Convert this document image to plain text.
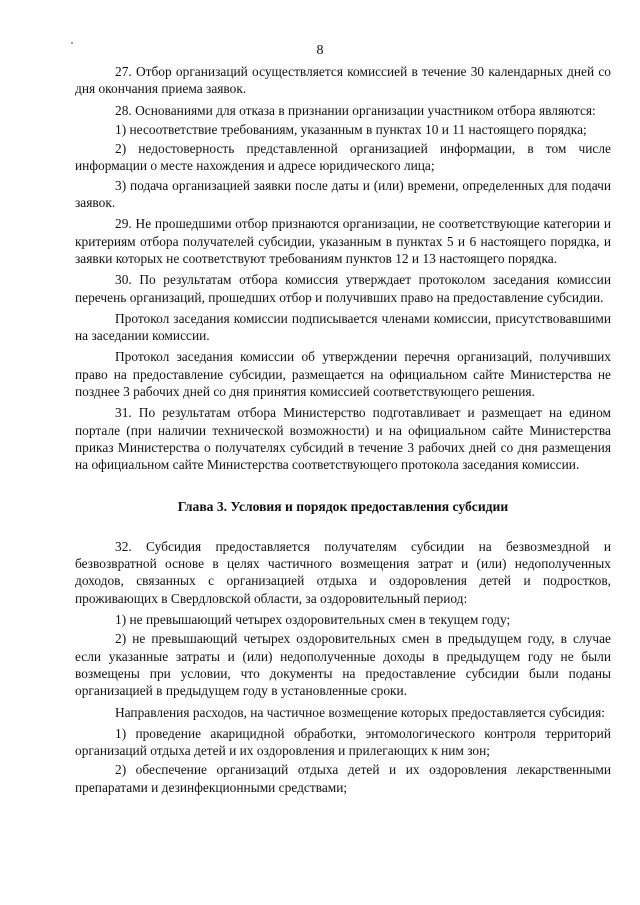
8

27. Отбор организаций осуществляется комиссией в течение 30 календарных дней со дня окончания приема заявок.

28. Основаниями для отказа в признании организации участником отбора являются:

1) несоответствие требованиям, указанным в пунктах 10 и 11 настоящего порядка;

2) недостоверность представленной организацией информации, в том числе информации о месте нахождения и адресе юридического лица;

3) подача организацией заявки после даты и (или) времени, определенных для подачи заявок.

29. Не прошедшими отбор признаются организации, не соответствующие категории и критериям отбора получателей субсидии, указанным в пунктах 5 и 6 настоящего порядка, и заявки которых не соответствуют требованиям пунктов 12 и 13 настоящего порядка.

30. По результатам отбора комиссия утверждает протоколом заседания комиссии перечень организаций, прошедших отбор и получивших право на предоставление субсидии.

Протокол заседания комиссии подписывается членами комиссии, присутствовавшими на заседании комиссии.

Протокол заседания комиссии об утверждении перечня организаций, получивших право на предоставление субсидии, размещается на официальном сайте Министерства не позднее 3 рабочих дней со дня принятия комиссией соответствующего решения.

31. По результатам отбора Министерство подготавливает и размещает на едином портале (при наличии технической возможности) и на официальном сайте Министерства приказ Министерства о получателях субсидий в течение 3 рабочих дней со дня размещения на официальном сайте Министерства соответствующего протокола заседания комиссии.

Глава 3. Условия и порядок предоставления субсидии

32. Субсидия предоставляется получателям субсидии на безвозмездной и безвозвратной основе в целях частичного возмещения затрат и (или) недополученных доходов, связанных с организацией отдыха и оздоровления детей и подростков, проживающих в Свердловской области, за оздоровительный период:

1) не превышающий четырех оздоровительных смен в текущем году;

2) не превышающий четырех оздоровительных смен в предыдущем году, в случае если указанные затраты и (или) недополученные доходы в предыдущем году не были возмещены при условии, что документы на предоставление субсидии были поданы организацией в предыдущем году в установленные сроки.

Направления расходов, на частичное возмещение которых предоставляется субсидия:

1) проведение акарицидной обработки, энтомологического контроля территорий организаций отдыха детей и их оздоровления и прилегающих к ним зон;

2) обеспечение организаций отдыха детей и их оздоровления лекарственными препаратами и дезинфекционными средствами;
